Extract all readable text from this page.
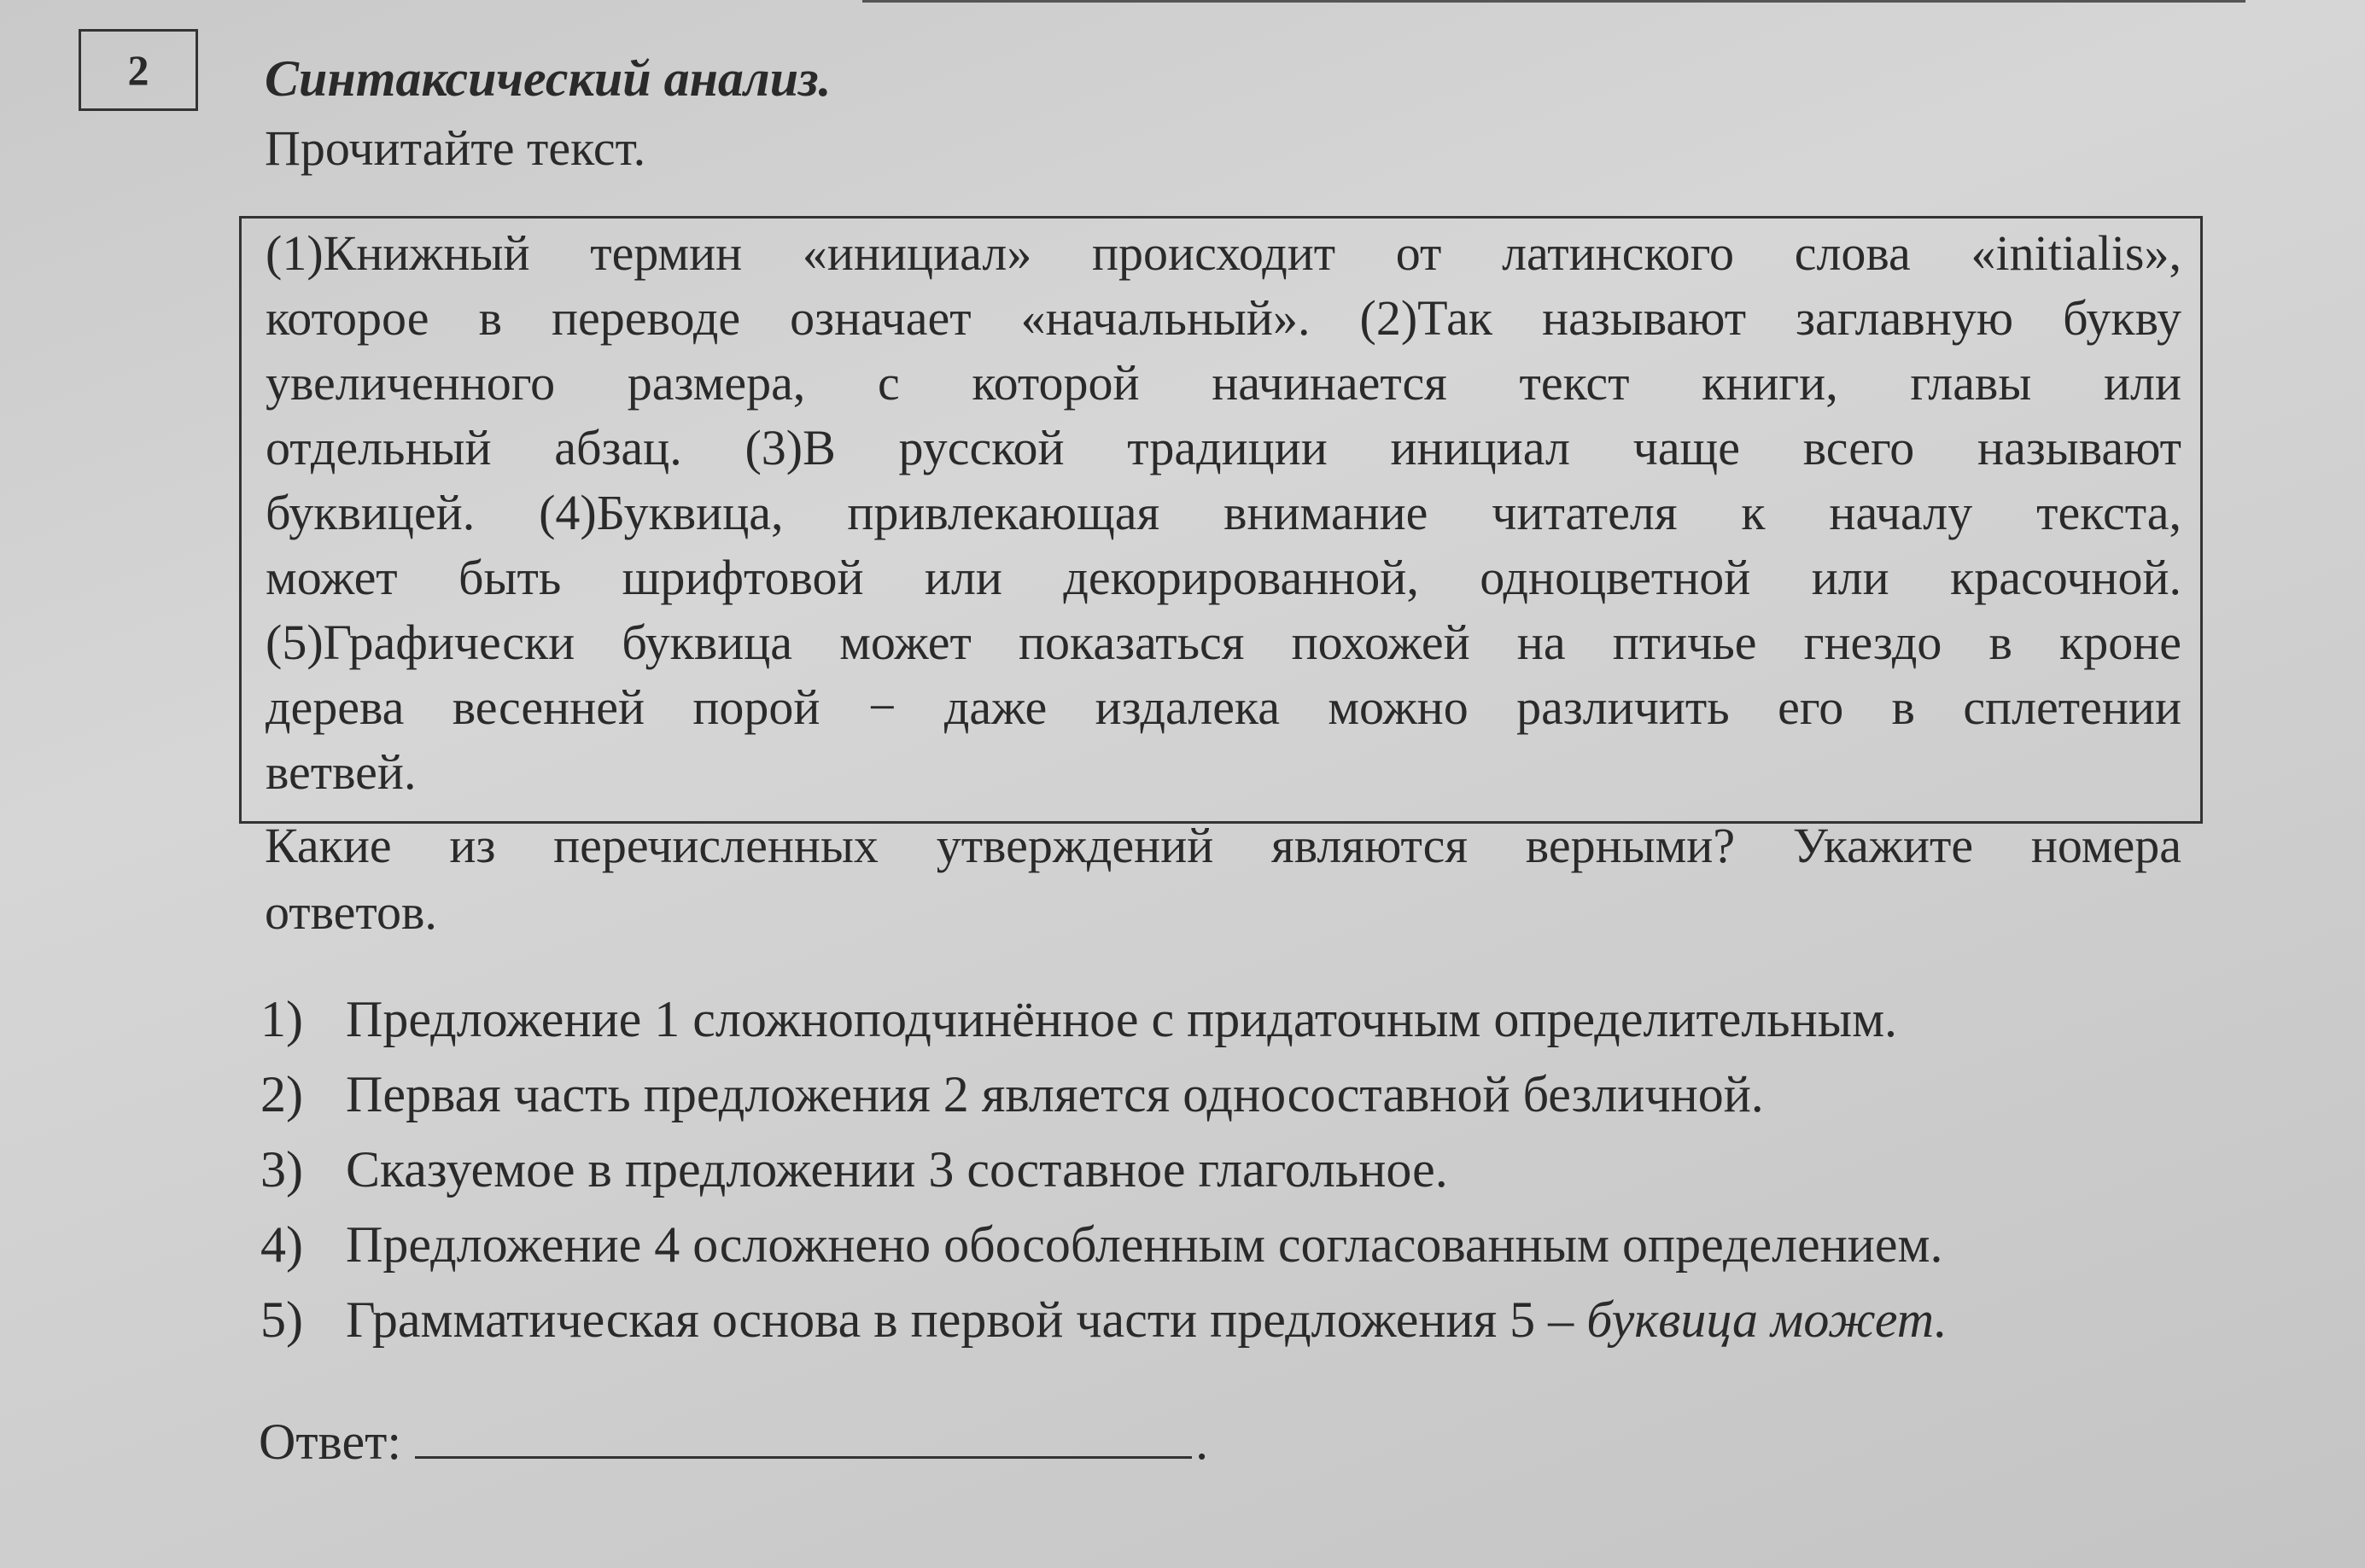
2 Синтаксический анализ.
Прочитайте текст.
(1)Книжный термин «инициал» происходит от латинского слова «initialis»,
которое в переводе означает «начальный». (2)Так называют заглавную букву
увеличенного размера, с которой начинается текст книги, главы или
отдельный абзац. (3)В русской традиции инициал чаще всего называют
буквицей. (4)Буквица, привлекающая внимание читателя к началу текста,
может быть шрифтовой или декорированной, одноцветной или красочной.
(5)Графически буквица может показаться похожей на птичье гнездо в кроне
дерева весенней порой − даже издалека можно различить его в сплетении
ветвей.
Какие из перечисленных утверждений являются верными? Укажите номера
ответов.
1) Предложение 1 сложноподчинённое с придаточным определительным.
2) Первая часть предложения 2 является односоставной безличной.
3) Сказуемое в предложении 3 составное глагольное.
4) Предложение 4 осложнено обособленным согласованным определением.
5) Грамматическая основа в первой части предложения 5 – буквица может.
Ответ:	.
